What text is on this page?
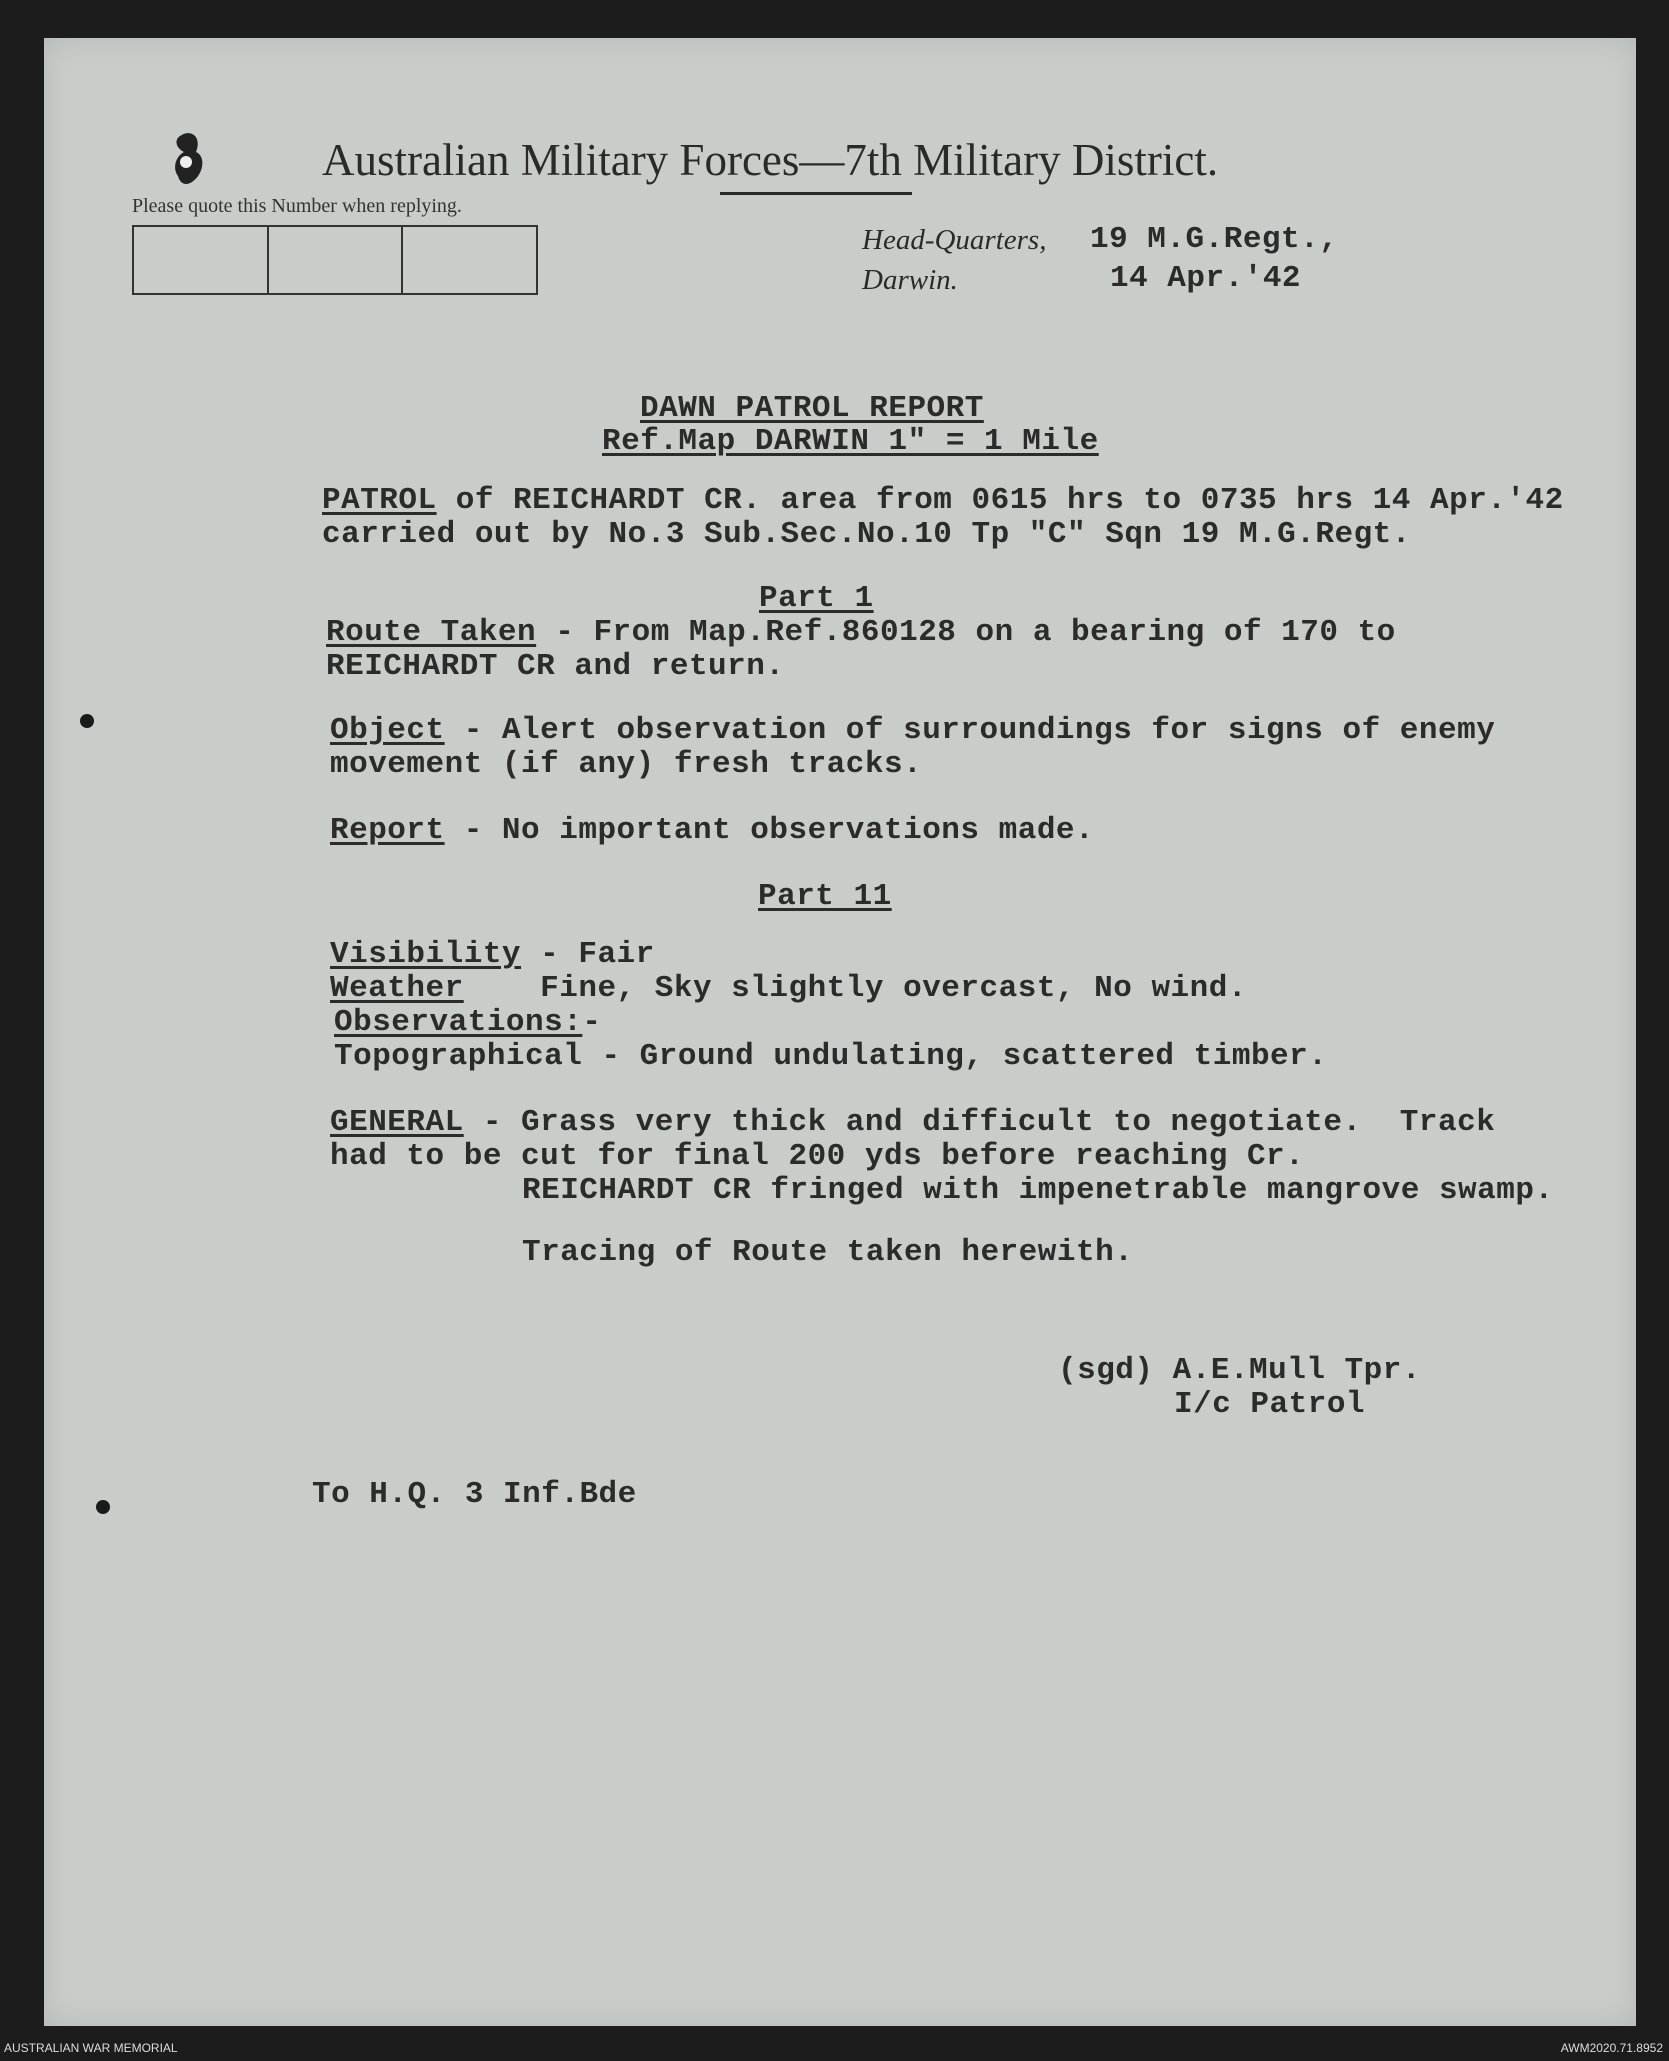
Australian Military Forces—7th Military District.
Please quote this Number when replying.
Head-Quarters, 19 M.G.Regt.,
Darwin.	14 Apr.'42
DAWN PATROL REPORT
Ref.Map DARWIN 1" = 1 Mile
PATROL of REICHARDT CR. area from 0615 hrs to 0735 hrs 14 Apr.'42
carried out by No.3 Sub.Sec.No.10 Tp "C" Sqn 19 M.G.Regt.
Part 1
Route Taken - From Map.Ref.860128 on a bearing of 170 to
REICHARDT CR and return.
Object - Alert observation of surroundings for signs of enemy
movement (if any) fresh tracks.
Report - No important observations made.
Part 11
Visibility - Fair
Weather    Fine, Sky slightly overcast, No wind.
Observations:-
Topographical - Ground undulating, scattered timber.
GENERAL - Grass very thick and difficult to negotiate.  Track
had to be cut for final 200 yds before reaching Cr.
REICHARDT CR fringed with impenetrable mangrove swamp.
Tracing of Route taken herewith.
(sgd) A.E.Mull Tpr.
I/c Patrol
To H.Q. 3 Inf.Bde
AUSTRALIAN WAR MEMORIAL	AWM2020.71.8952
